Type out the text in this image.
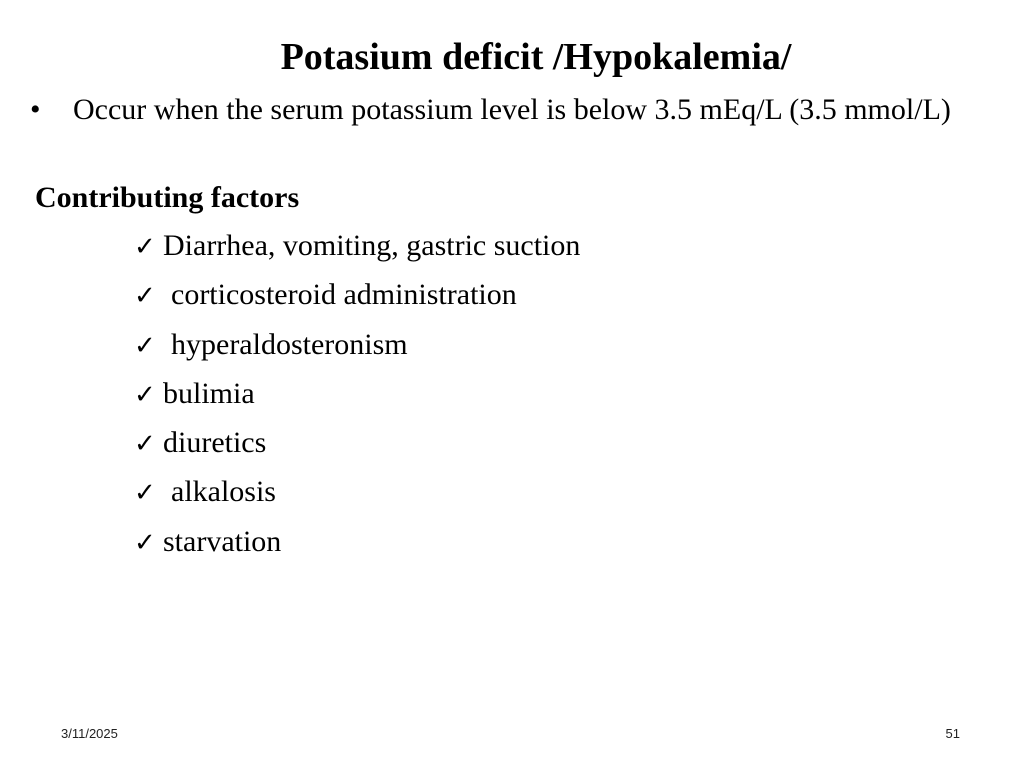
Potasium deficit /Hypokalemia/
• Occur when the serum potassium level is below 3.5 mEq/L (3.5 mmol/L)
Contributing factors
✓ Diarrhea, vomiting, gastric suction
✓ corticosteroid administration
✓ hyperaldosteronism
✓ bulimia
✓ diuretics
✓ alkalosis
✓ starvation
3/11/2025	51
